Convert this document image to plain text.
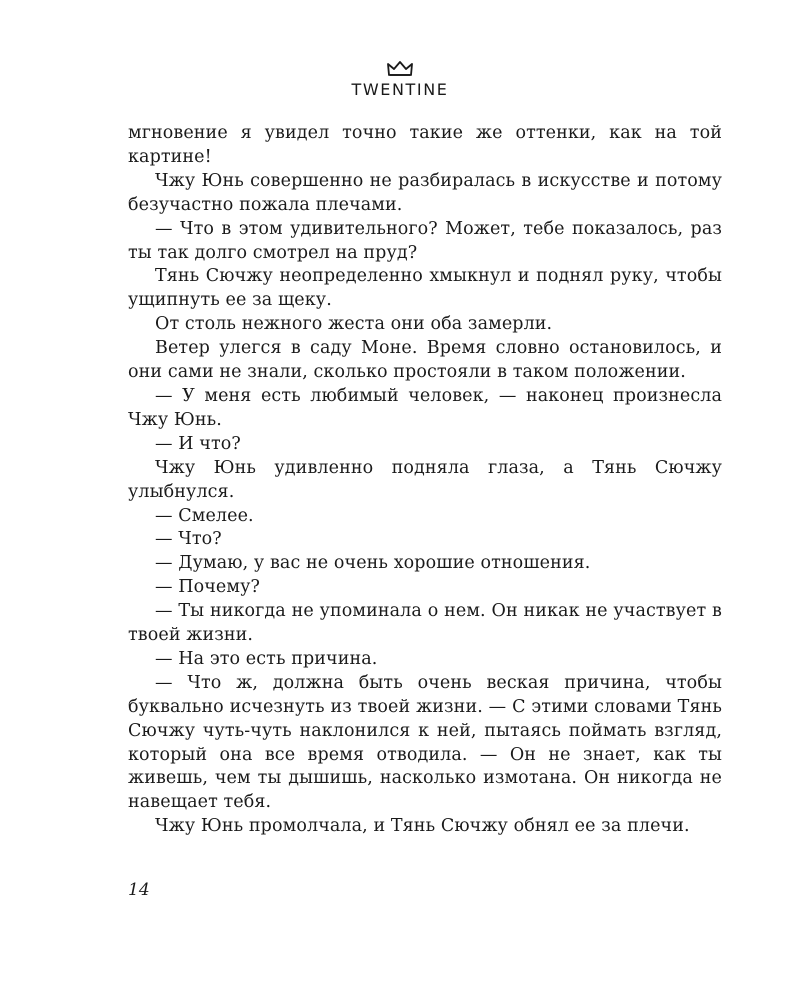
TWENTINE

мгновение я увидел точно такие же оттенки, как на той картине!

Чжу Юнь совершенно не разбиралась в искусстве и потому безучастно пожала плечами.

— Что в этом удивительного? Может, тебе показалось, раз ты так долго смотрел на пруд?

Тянь Сючжу неопределенно хмыкнул и поднял руку, чтобы ущипнуть ее за щеку.

От столь нежного жеста они оба замерли.

Ветер улегся в саду Моне. Время словно остановилось, и они сами не знали, сколько простояли в таком положении.

— У меня есть любимый человек, — наконец произнесла Чжу Юнь.

— И что?

Чжу Юнь удивленно подняла глаза, а Тянь Сючжу улыбнулся.

— Смелее.

— Что?

— Думаю, у вас не очень хорошие отношения.

— Почему?

— Ты никогда не упоминала о нем. Он никак не участвует в твоей жизни.

— На это есть причина.

— Что ж, должна быть очень веская причина, чтобы буквально исчезнуть из твоей жизни. — С этими словами Тянь Сючжу чуть-чуть наклонился к ней, пытаясь поймать взгляд, который она все время отводила. — Он не знает, как ты живешь, чем ты дышишь, насколько измотана. Он никогда не навещает тебя.

Чжу Юнь промолчала, и Тянь Сючжу обнял ее за плечи.

14
